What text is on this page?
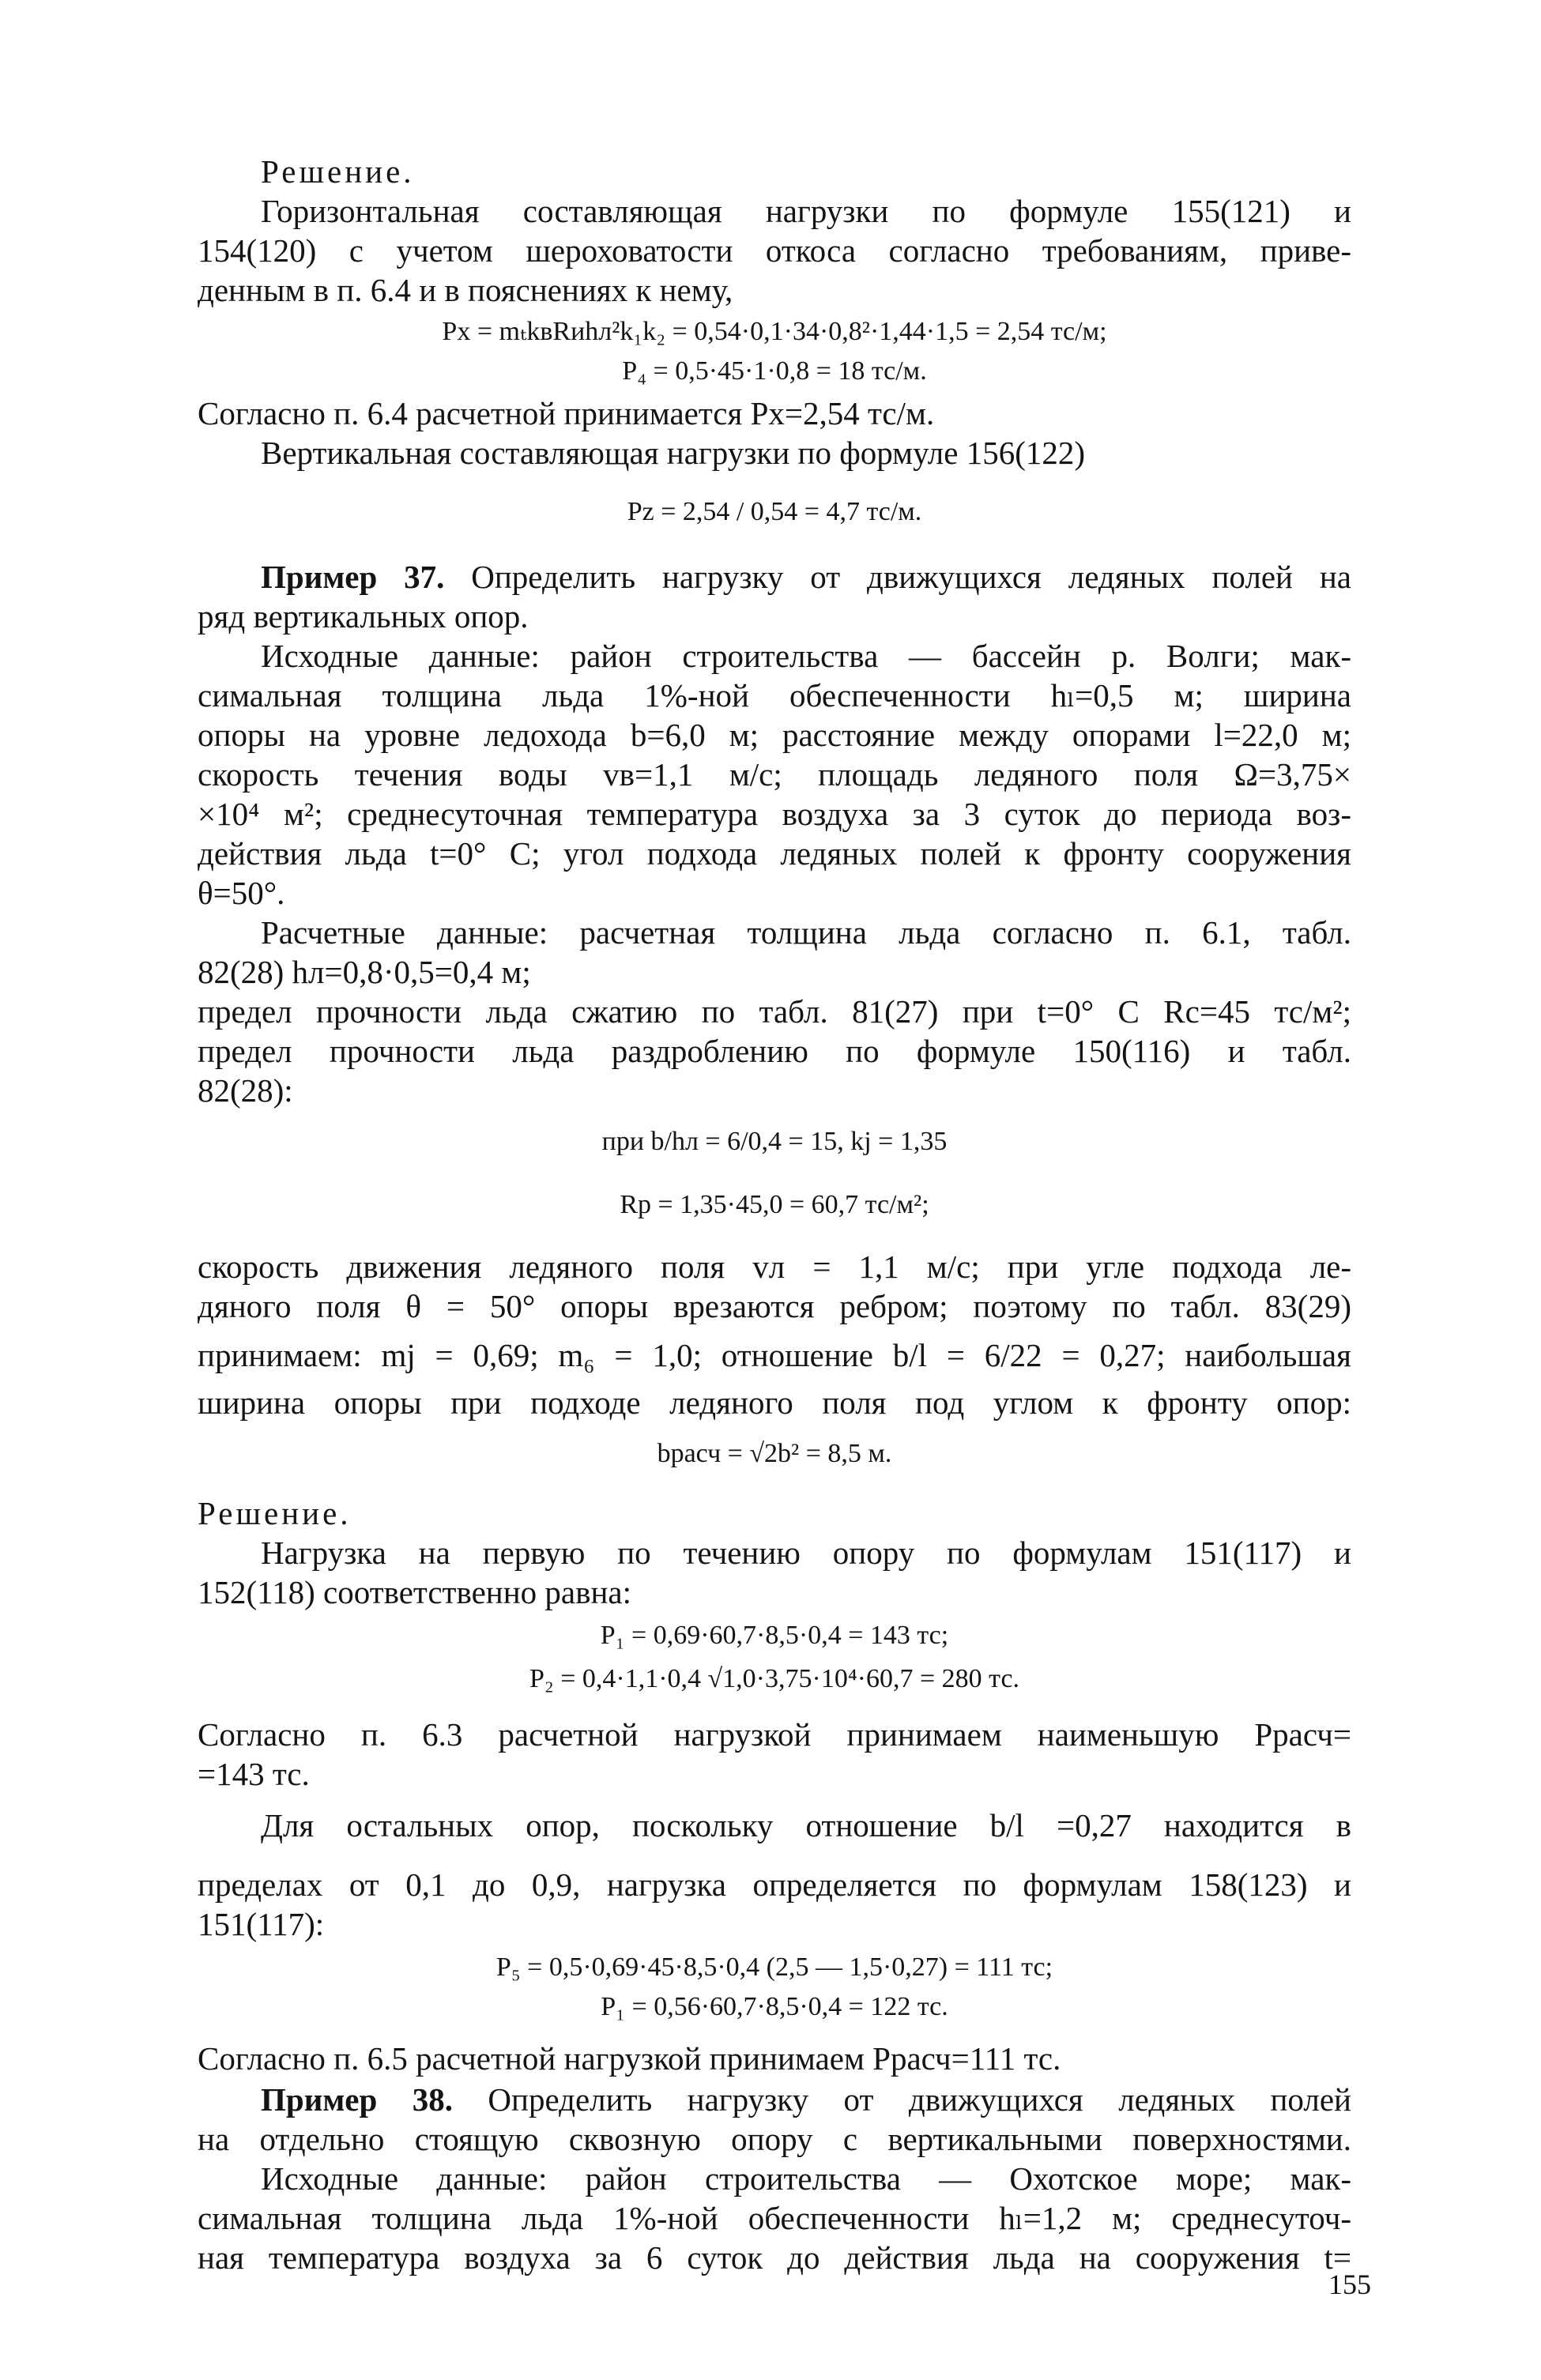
Решение.
Горизонтальная составляющая нагрузки по формуле 155(121) и
154(120) с учетом шероховатости откоса согласно требованиям, приве-
денным в п. 6.4 и в пояснениях к нему,
Pх = mₜkвRиhл²k₁k₂ = 0,54·0,1·34·0,8²·1,44·1,5 = 2,54 тс/м;
P₄ = 0,5·45·1·0,8 = 18 тс/м.
Согласно п. 6.4 расчетной принимается Pх=2,54 тс/м.
Вертикальная составляющая нагрузки по формуле 156(122)
Pz = 2,54 / 0,54 = 4,7 тс/м.
Пример 37. Определить нагрузку от движущихся ледяных полей на
ряд вертикальных опор.
Исходные данные: район строительства — бассейн р. Волги; мак-
симальная толщина льда 1%-ной обеспеченности hₗ=0,5 м; ширина
опоры на уровне ледохода b=6,0 м; расстояние между опорами l=22,0 м;
скорость течения воды vв=1,1 м/с; площадь ледяного поля Ω=3,75×
×10⁴ м²; среднесуточная температура воздуха за 3 суток до периода воз-
действия льда t=0° С; угол подхода ледяных полей к фронту сооружения
θ=50°.
Расчетные данные: расчетная толщина льда согласно п. 6.1, табл.
82(28) hл=0,8·0,5=0,4 м;
предел прочности льда сжатию по табл. 81(27) при t=0° С Rс=45 тс/м²;
предел прочности льда раздроблению по формуле 150(116) и табл.
82(28):
при b/hл = 6/0,4 = 15, kj = 1,35
Rр = 1,35·45,0 = 60,7 тс/м²;
скорость движения ледяного поля vл = 1,1 м/с; при угле подхода ле-
дяного поля θ = 50° опоры врезаются ребром; поэтому по табл. 83(29)
принимаем: mj = 0,69; m₆ = 1,0; отношение b/l = 6/22 = 0,27; наибольшая
ширина опоры при подходе ледяного поля под углом к фронту опор:
bрасч = √2b² = 8,5 м.
Решение.
Нагрузка на первую по течению опору по формулам 151(117) и
152(118) соответственно равна:
P₁ = 0,69·60,7·8,5·0,4 = 143 тс;
P₂ = 0,4·1,1·0,4 √1,0·3,75·10⁴·60,7 = 280 тс.
Согласно п. 6.3 расчетной нагрузкой принимаем наименьшую Pрасч=
=143 тс.
Для остальных опор, поскольку отношение b/l =0,27 находится в
пределах от 0,1 до 0,9, нагрузка определяется по формулам 158(123) и
151(117):
P₅ = 0,5·0,69·45·8,5·0,4 (2,5 — 1,5·0,27) = 111 тс;
P₁ = 0,56·60,7·8,5·0,4 = 122 тс.
Согласно п. 6.5 расчетной нагрузкой принимаем Pрасч=111 тс.
Пример 38. Определить нагрузку от движущихся ледяных полей
на отдельно стоящую сквозную опору с вертикальными поверхностями.
Исходные данные: район строительства — Охотское море; мак-
симальная толщина льда 1%-ной обеспеченности hₗ=1,2 м; среднесуточ-
ная температура воздуха за 6 суток до действия льда на сооружения t=
155
